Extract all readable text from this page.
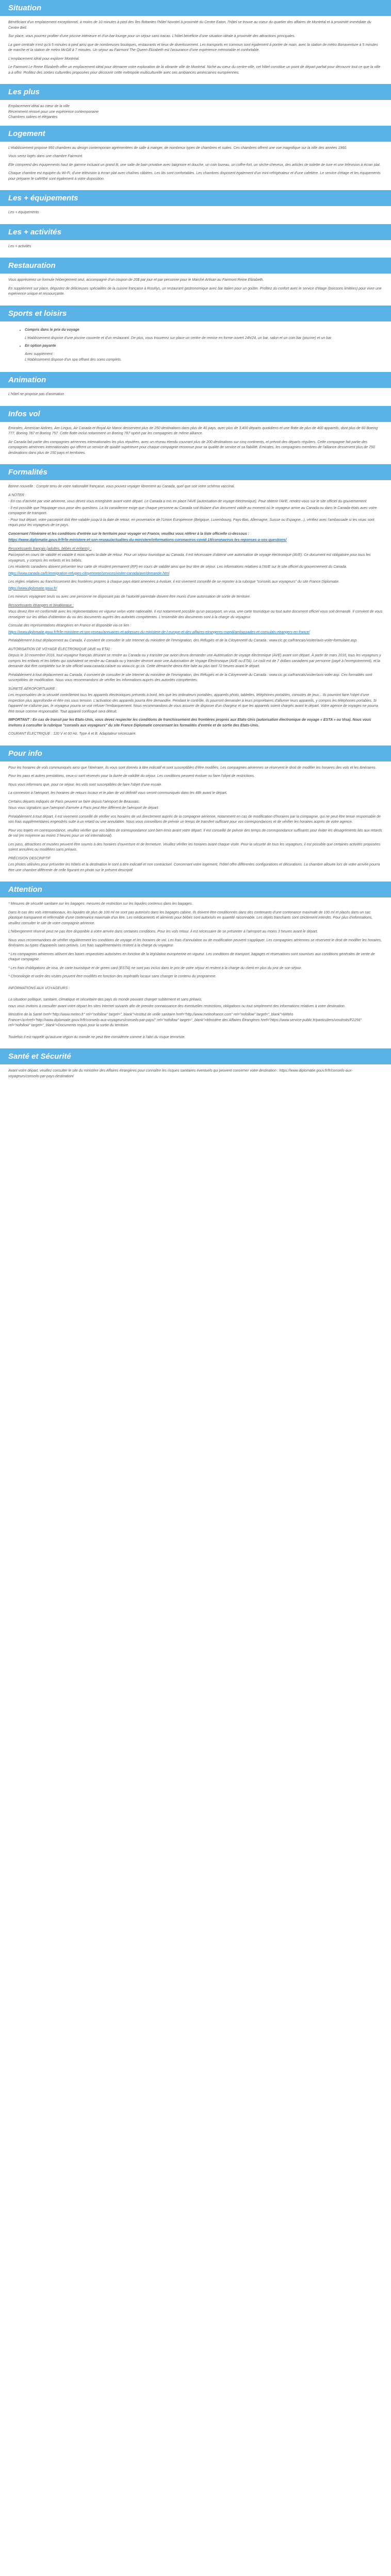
Situation

Bénéficiant d'un emplacement exceptionnel, à moins de 10 minutes à pied des îles flottantes l'hôtel Novotel à proximité du Centre Eaton, l'hôtel se trouve au coeur du quartier des affaires de Montréal et à proximité immédiate du Centre Bell.

Sur place, vous pourrez profiter d'une piscine intérieure et d'un bar-lounge pour un séjour sans tracas. L'hôtel bénéficie d'une situation idéale à proximité des attractions principales.

La gare centrale n'est qu'à 5 minutes à pied ainsi que de nombreuses boutiques, restaurants et lieux de divertissement. Les transports en commun sont également à portée de main, avec la station de métro Bonaventure à 5 minutes de marche et la station de métro McGill à 7 minutes. Un séjour au Fairmont The Queen Elizabeth est l'assurance d'une expérience mémorable et confortable.

L'emplacement idéal pour explorer Montréal.

Le Fairmont Le Reine Elizabeth offre un emplacement idéal pour démarrer votre exploration de la vibrante ville de Montréal. Niché au cœur du centre-ville, cet hôtel constitue un point de départ parfait pour découvrir tout ce que la ville a à offrir. Profitez des sorties culturelles proposées pour découvrir cette métropole multiculturelle avec ses ambiances américaines européennes.

Les plus
Emplacement idéal au cœur de la ville
Récemment rénové pour une expérience contemporaine
Chambres sobres et élégantes
Logement

L'établissement propose 950 chambres au design contemporain agrémentées de salle à manger, de nombreux types de chambres et suites. Ces chambres offrent une vue magnifique sur la ville des années 1960.

Vous serez logés dans une chambre Fairmont.

Elle comprend des équipements haut de gamme incluant un grand lit, une salle de bain privative avec baignoire et douche, un coin bureau, un coffre-fort, un sèche-cheveux, des articles de toilette de luxe et une télévision à écran plat.

Chaque chambre est équipée du Wi-Fi, d'une télévision à écran plat avec chaînes câblées. Les lits sont confortables. Les chambres disposent également d'un mini-réfrigérateur et d'une cafetière. Le service d'étage et les équipements pour préparer le café/thé sont également à votre disposition.

Les + équipements

Les + équipements

Les + activités

Les + activités

Restauration

Vous apprécierez un formule hébergement seul, accompagné d'un coupon de 20$ par jour et par personne pour le Marché Artisan au Fairmont Reine Elizabeth.

En supplément sur place, dégustez de délicieuses spécialités de la cuisine française à Rosélys, un restaurant gastronomique avec bar italien pour un goûter. Profitez du confort avec le service d'étage (boissons limitées) pour vivre une expérience unique et ressourçante.

Sports et loisirs
• Compris dans le prix du voyage
L'établissement dispose d'une piscine couverte et d'un restaurant. De plus, vous trouverez sur place un centre de remise en forme ouvert 24h/24, un bar, salon et un coin bar (piscine) et un bar.
• En option payante
Avec supplément :
L'établissement dispose d'un spa offrant des soins complets.
Animation

L'hôtel ne propose pas d'animation

Infos vol

Emirates, American Airlines, Aer Lingus, Air Canada et Royal Air Maroc desservent plus de 250 destinations dans plus de 40 pays, avec plus de 3,400 départs quotidiens et une flotte de plus de 400 appareils, dont plus de 60 Boeing 777, Boeing 787 et Boeing 757. Cette flotte inclut notamment un Boeing 787 opéré par les compagnies de même alliance.

Air Canada fait partie des compagnies aériennes internationales les plus réputées, avec un réseau étendu couvrant plus de 200 destinations sur cinq continents, et prévoit des départs réguliers. Cette compagnie fait partie des compagnies aériennes internationales qui offrent un service de qualité supérieure pour chaque compagnie reconnue pour sa qualité de service et sa fiabilité. Emirates, les compagnies membres de l'alliance desservent plus de 750 destinations dans plus de 150 pays et territoires.

Formalités

Bonne nouvelle : Compte tenu de votre nationalité française, vous pouvez voyager librement au Canada, quel que soit votre schéma vaccinal.

A NOTER :

- En cas d'arrivée par voie aérienne, vous devez vous enregistrer avant votre départ. Le Canada a mis en place l'AVE (autorisation de voyage électronique). Pour obtenir l'AVE, rendez-vous sur le site officiel du gouvernement.

- Il est possible que l'équipage vous pose des questions. La loi canadienne exige que chaque personne au Canada soit titulaire d'un document valide au moment où le voyageur arrive au Canada ou dans le Canada-états avec votre compagnie de transport.

- Pour tout départ, votre passeport doit être valable jusqu'à la date de retour, en provenance de l'Union Européenne (Belgique, Luxembourg, Pays-Bas, Allemagne, Suisse ou Espagne...), vérifiez avec l'ambassade si les visas sont requis pour les voyageurs de ce pays.

Concernant l'itinéraire et les conditions d'entrée sur le territoire pour voyager en France, veuillez vous référer à la liste officielle ci-dessous :

https://www.diplomatie.gouv.fr/fr/le-ministere-et-son-reseau/actualites-du-ministere/informations-coronavirus-covid-19/coronavirus-les-reponses-a-vos-questions/

Ressortissants français (adultes, bébés et enfants) :

Passeport en cours de validité et valable 6 mois après la date de retour. Pour un séjour touristique au Canada, il est nécessaire d'obtenir une autorisation de voyage électronique (AVE). Ce document est obligatoire pour tous les voyageurs, y compris les enfants et les bébés.

Les résidents canadiens doivent présenter leur carte de résident permanent (RP) en cours de validité ainsi que leur titre de séjour. Les informations relatives à l'AVE sur le site officiel du gouvernement du Canada.

https://www.canada.ca/fr/immigration-refugies-citoyennete/services/visiter-canada/ave/demande.html

Les règles relatives au franchissement des frontières propres à chaque pays étant amenées à évoluer, il est vivement conseillé de se reporter à la rubrique "conseils aux voyageurs" du site France Diplomatie.

https://www.diplomatie.gouv.fr/

Les mineurs voyageant seuls ou avec une personne ne disposant pas de l'autorité parentale doivent être munis d'une autorisation de sortie de territoire.

Ressortissants étrangers et binationaux :

Vous devez être en conformité avec les réglementations en vigueur selon votre nationalité. Il est notamment possible qu'un passeport, un visa, une carte touristique ou tout autre document officiel vous soit demandé. Il convient de vous renseigner sur les délais d'obtention du ou des documents auprès des autorités compétentes. L'ensemble des documents sont à la charge du voyageur.

Consulat des représentations étrangères en France et disponible via ce lien :

https://www.diplomatie.gouv.fr/fr/le-ministere-et-son-reseau/annuaires-et-adresses-du-ministere-de-l-europe-et-des-affaires-etrangeres-maedi/ambassades-et-consulats-etrangers-en-france/

Préalablement à tout déplacement au Canada, il convient de consulter le site Internet du ministère de l'Immigration, des Réfugiés et de la Citoyenneté du Canada : www.cic.gc.ca/francais/visiter/avis-voler-formulaire.asp.

AUTORISATION DE VOYAGE ÉLECTRONIQUE (AVE ou ETA) :

Depuis le 10 novembre 2016, tout voyageur français désirant se rendre au Canada ou y transiter par avion devra demander une Autorisation de voyage électronique (AVE) avant son départ. À partir de mars 2016, tous les voyageurs y compris les enfants et les bébés qui souhaitent se rendre au Canada ou y transiter devront avoir une Autorisation de Voyage Électronique (AVE ou ETA). Le coût est de 7 dollars canadiens par personne (payé à l'enregistrement), et la demande doit être complétée sur le site officiel www.canada.ca/ave ou www.cic.gc.ca. Cette démarche devra être faite au plus tard 72 heures avant le départ.

Préalablement à tout déplacement au Canada, il convient de consulter le site Internet du ministère de l'Immigration, des Réfugiés et de la Citoyenneté du Canada : www.cic.gc.ca/francais/visiter/avis-voler.asp. Ces formalités sont susceptibles de modification. Nous vous recommandons de vérifier les informations auprès des autorités compétentes.

SÛRETÉ AÉROPORTUAIRE :

Les responsables de la sécurité contrôleront tous les appareils électroniques présents à bord, tels que les ordinateurs portables, appareils photo, tablettes, téléphones portables, consoles de jeux... Ils pourront faire l'objet d'une inspection plus approfondie et être mis sous tension. L'activation des appareils pourra être demandée. Pendant le contrôle, ils pourront demander à leurs propriétaires d'allumer leurs appareils, y compris les téléphones portables. Si l'appareil ne s'allume pas, le voyageur pourra se voir refuser l'embarquement. Nous recommandons de vous assurer de disposer d'un chargeur et que les appareils soient chargés avant le départ. Votre agence de voyages ne pourra être tenue comme responsable. Tout appareil confisqué sera détruit.

IMPORTANT : En cas de transit par les Etats-Unis, vous devez respecter les conditions de franchissement des frontières propres aux Etats-Unis (autorisation électronique de voyage « ESTA » ou Visa). Nous vous invitons à consulter la rubrique "conseils aux voyageurs" du site France Diplomatie concernant les formalités d'entrée et de sortie des Etats-Unis.

COURANT ÉLECTRIQUE : 120 V et 60 Hz. Type A et B. Adaptateur nécessaire.

Pour info

Pour les horaires de vols communiqués ainsi que l'itinéraire, ils vous sont donnés à titre indicatif et sont susceptibles d'être modifiés. Les compagnies aériennes se réservent le droit de modifier les horaires des vols et les itinéraires.

Pour les pass et autres prestations, ceux-ci sont réservés pour la durée de validité du séjour. Les conditions peuvent évoluer ou faire l'objet de restrictions.

Nous vous informons que, pour ce séjour, les vols sont susceptibles de faire l'objet d'une escale.

La connexion à l'aéroport, les horaires de retours locaux et le plan de vol définitif vous seront communiqués dans les 48h avant le départ.

Certains départs indiqués de Paris peuvent se faire depuis l'aéroport de Beauvais.

Nous vous signalons que l'aéroport d'arrivée à Paris peut être différent de l'aéroport de départ.

Préalablement à tout départ, il est vivement conseillé de vérifier vos horaires de vol directement auprès de la compagnie aérienne, notamment en cas de modification d'horaires par la compagnie, qui ne peut être tenue responsable de vos frais supplémentaires engendrés suite à un retard ou une annulation. Nous vous conseillons de prévoir un temps de transfert suffisant pour vos correspondances et de vérifier les horaires auprès de votre agence.

Pour vos trajets en correspondance, veuillez vérifier que vos billets de correspondance sont bien émis avant votre départ. Il est conseillé de prévoir des temps de correspondance suffisants pour éviter les désagréments liés aux retards de vol (en moyenne au moins 3 heures pour un vol international).

Les pass, attractions et musées peuvent être soumis à des horaires d'ouverture et de fermeture. Veuillez vérifier les horaires avant chaque visite. Pour la sécurité de tous les voyageurs, il est possible que certaines activités proposées soient annulées ou modifiées sans préavis.

PRÉCISION DESCRIPTIF

Les photos utilisées pour présenter les hôtels et la destination le sont à titre indicatif et non contractuel. Concernant votre logement, l'hôtel offre différentes configurations et décorations. La chambre allouée lors de votre arrivée pourra être une chambre différente de celle figurant en photo sur le présent descriptif.

Attention

* Mesures de sécurité sanitaire sur les bagages: mesures de restriction sur les liquides contenus dans les bagages.

Dans le cas des vols internationaux, les liquides de plus de 100 ml ne sont pas autorisés dans les bagages cabine. Ils doivent être conditionnés dans des contenants d'une contenance maximale de 100 ml et placés dans un sac plastique transparent et refermable d'une contenance maximale d'un litre. Les médicaments et aliments pour bébés sont autorisés en quantité raisonnable. Les objets tranchants sont strictement interdits. Pour plus d'informations, veuillez consulter le site de votre compagnie aérienne.

L'hébergement réservé peut ne pas être disponible à votre arrivée dans certaines conditions. Pour les vols retour, il est nécessaire de se présenter à l'aéroport au moins 3 heures avant le départ.

Nous vous recommandons de vérifier régulièrement les conditions de voyage et les horaires de vol. Les frais d'annulation ou de modification peuvent s'appliquer. Les compagnies aériennes se réservent le droit de modifier les horaires, itinéraires ou types d'appareils sans préavis. Les frais supplémentaires restent à la charge du voyageur.

* Les compagnies aériennes utilisent des bases respectives autorisées en fonction de la législation européenne en vigueur. Les conditions de transport, bagages et réservations sont soumises aux conditions générales de vente de chaque compagnie.

* Les frais d'obligations de visa, de carte touristique et de green card (ESTA) ne sont pas inclus dans le prix de votre séjour et restent à la charge du client en plus du prix de son séjour.

* Chronologie et ordre des visites peuvent être modifiés en fonction des impératifs locaux sans changer le contenu du programme.

INFORMATIONS AUX VOYAGEURS :

La situation politique, sanitaire, climatique et sécuritaire des pays du monde pouvant changer subitement et sans préavis,

nous vous invitons à consulter avant votre départ les sites Internet suivants afin de prendre connaissance des éventuelles restrictions, obligations ou tout simplement des informations relatives à votre destination.

Ministère de la Santé href="http://www.meteo.fr" rel="nofollow" target="_blank">Institut de veille sanitaire href="http://www.meteofrance.com" rel="nofollow" target="_blank">Météo France</a>href="http://www.diplomatie.gouv.fr/fr/conseils-aux-voyageurs/conseils-par-pays/" rel="nofollow" target="_blank">Ministère des Affaires Étrangères href="https://www.service-public.fr/particuliers/vosdroits/F2256" rel="nofollow" target="_blank">Documents requis pour la sortie du territoire.

Toutefois il est rappelé qu'aucune région du monde ne peut être considérée comme à l'abri du risque terroriste.

Santé et Sécurité

Avant votre départ, veuillez consulter le site du ministère des Affaires étrangères pour connaître les risques sanitaires éventuels qui peuvent concerner votre destination : https://www.diplomatie.gouv.fr/fr/conseils-aux-voyageurs/conseils-par-pays-destination/
